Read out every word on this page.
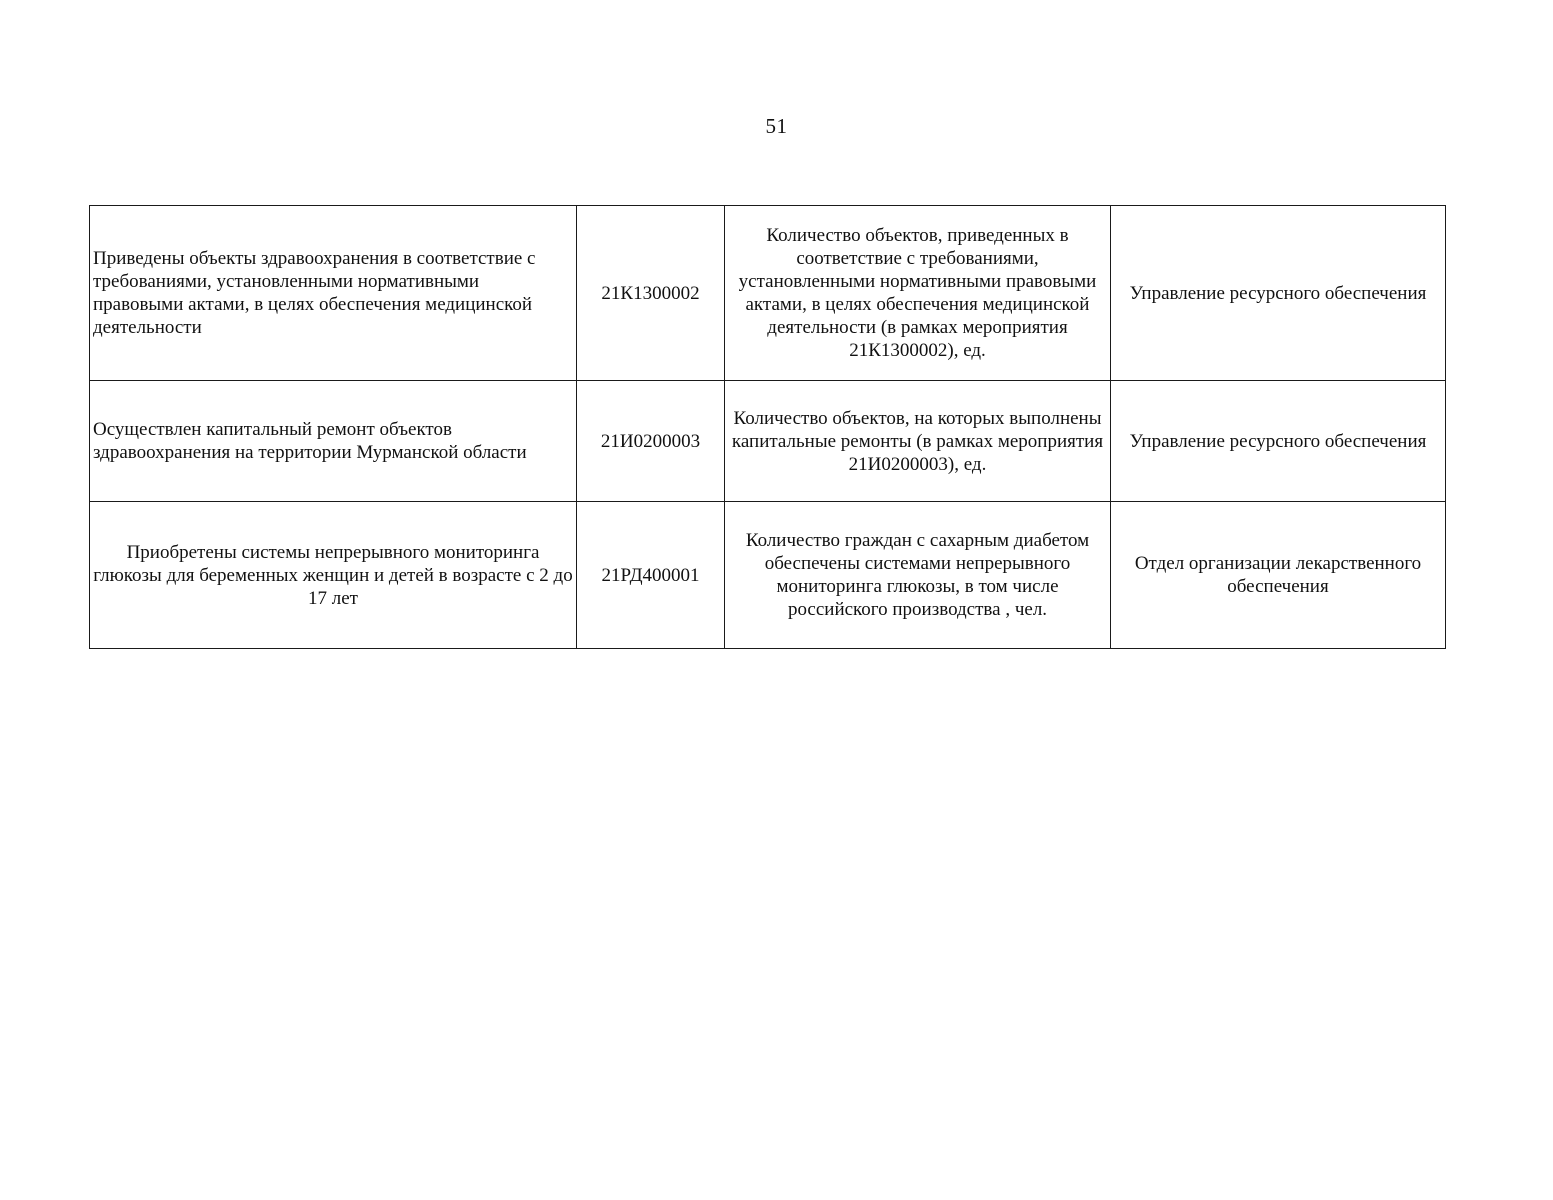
51
Приведены объекты здравоохранения в соответствие с требованиями, установленными нормативными правовыми актами, в целях обеспечения медицинской деятельности	21К1300002	Количество объектов, приведенных в соответствие с требованиями, установленными нормативными правовыми актами, в целях обеспечения медицинской деятельности (в рамках мероприятия 21К1300002), ед.	Управление ресурсного обеспечения
Осуществлен капитальный ремонт объектов здравоохранения на территории Мурманской области	21И0200003	Количество объектов, на которых выполнены капитальные ремонты (в рамках мероприятия 21И0200003), ед.	Управление ресурсного обеспечения
Приобретены системы непрерывного мониторинга глюкозы для беременных женщин и детей в возрасте с 2 до 17 лет	21РД400001	Количество граждан с сахарным диабетом обеспечены системами непрерывного мониторинга глюкозы, в том числе российского производства , чел.	Отдел организации лекарственного обеспечения
